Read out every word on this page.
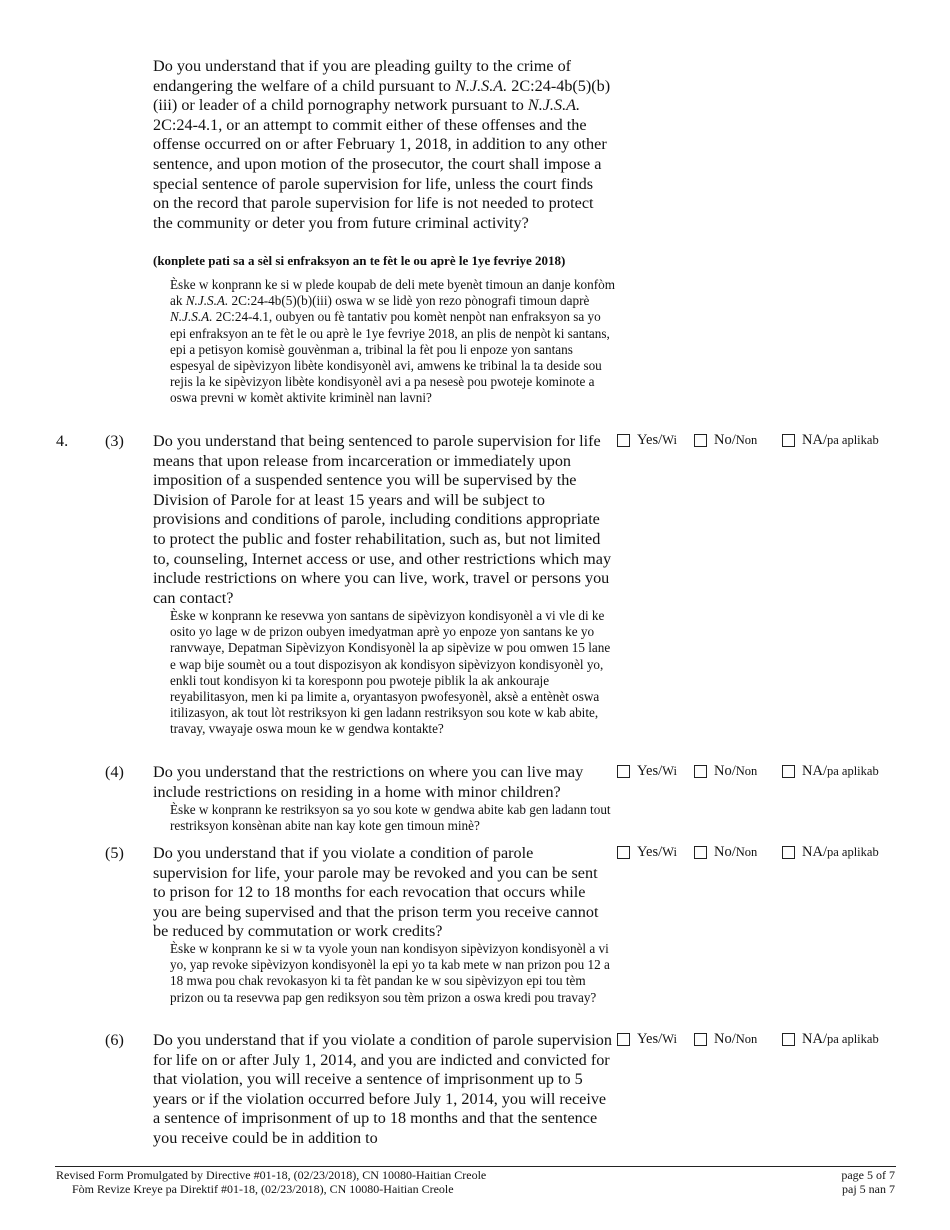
Do you understand that if you are pleading guilty to the crime of endangering the welfare of a child pursuant to N.J.S.A. 2C:24-4b(5)(b)(iii) or leader of a child pornography network pursuant to N.J.S.A. 2C:24-4.1, or an attempt to commit either of these offenses and the offense occurred on or after February 1, 2018, in addition to any other sentence, and upon motion of the prosecutor, the court shall impose a special sentence of parole supervision for life, unless the court finds on the record that parole supervision for life is not needed to protect the community or deter you from future criminal activity?
(konplete pati sa a sèl si enfraksyon an te fèt le ou aprè le 1ye fevriye 2018)
Èske w konprann ke si w plede koupab de deli mete byenèt timoun an danje konfòm ak N.J.S.A. 2C:24-4b(5)(b)(iii) oswa w se lidè yon rezo pònografi timoun daprè N.J.S.A. 2C:24-4.1, oubyen ou fè tantativ pou komèt nenpòt nan enfraksyon sa yo epi enfraksyon an te fèt le ou aprè le 1ye fevriye 2018, an plis de nenpòt ki santans, epi a petisyon komisè gouvènman a, tribinal la fèt pou li enpoze yon santans espesyal de sipèvizyon libète kondisyonèl avi, amwens ke tribinal la ta deside sou rejis la ke sipèvizyon libète kondisyonèl avi a pa nesesè pou pwoteje kominote a oswa prevni w komèt aktivite kriminèl nan lavni?
4. (3) Do you understand that being sentenced to parole supervision for life means that upon release from incarceration or immediately upon imposition of a suspended sentence you will be supervised by the Division of Parole for at least 15 years and will be subject to provisions and conditions of parole, including conditions appropriate to protect the public and foster rehabilitation, such as, but not limited to, counseling, Internet access or use, and other restrictions which may include restrictions on where you can live, work, travel or persons you can contact?
Èske w konprann ke resevwa yon santans de sipèvizyon kondisyonèl a vi vle di ke osito yo lage w de prizon oubyen imedyatman aprè yo enpoze yon santans ke yo ranvwaye, Depatman Sipèvizyon Kondisyonèl la ap sipèvize w pou omwen 15 lane e wap bije soumèt ou a tout dispozisyon ak kondisyon sipèvizyon kondisyonèl yo, enkli tout kondisyon ki ta koresponn pou pwoteje piblik la ak ankouraje reyabilitasyon, men ki pa limite a, oryantasyon pwofesyonèl, aksè a entènèt oswa itilizasyon, ak tout lòt restriksyon ki gen ladann restriksyon sou kote w kab abite, travay, vwayaje oswa moun ke w gendwa kontakte?
Yes/Wi	No/Non	NA/pa aplikab
(4) Do you understand that the restrictions on where you can live may include restrictions on residing in a home with minor children?
Èske w konprann ke restriksyon sa yo sou kote w gendwa abite kab gen ladann tout restriksyon konsènan abite nan kay kote gen timoun minè?
Yes/Wi	No/Non	NA/pa aplikab
(5) Do you understand that if you violate a condition of parole supervision for life, your parole may be revoked and you can be sent to prison for 12 to 18 months for each revocation that occurs while you are being supervised and that the prison term you receive cannot be reduced by commutation or work credits?
Èske w konprann ke si w ta vyole youn nan kondisyon sipèvizyon kondisyonèl a vi yo, yap revoke sipèvizyon kondisyonèl la epi yo ta kab mete w nan prizon pou 12 a 18 mwa pou chak revokasyon ki ta fèt pandan ke w sou sipèvizyon epi tou tèm prizon ou ta resevwa pap gen rediksyon sou tèm prizon a oswa kredi pou travay?
Yes/Wi	No/Non	NA/pa aplikab
(6) Do you understand that if you violate a condition of parole supervision for life on or after July 1, 2014, and you are indicted and convicted for that violation, you will receive a sentence of imprisonment up to 5 years or if the violation occurred before July 1, 2014, you will receive a sentence of imprisonment of up to 18 months and that the sentence you receive could be in addition to
Yes/Wi	No/Non	NA/pa aplikab
Revised Form Promulgated by Directive #01-18, (02/23/2018), CN 10080-Haitian Creole
Fòm Revize Kreye pa Direktif #01-18, (02/23/2018), CN 10080-Haitian Creole
page 5 of 7
paj 5 nan 7
